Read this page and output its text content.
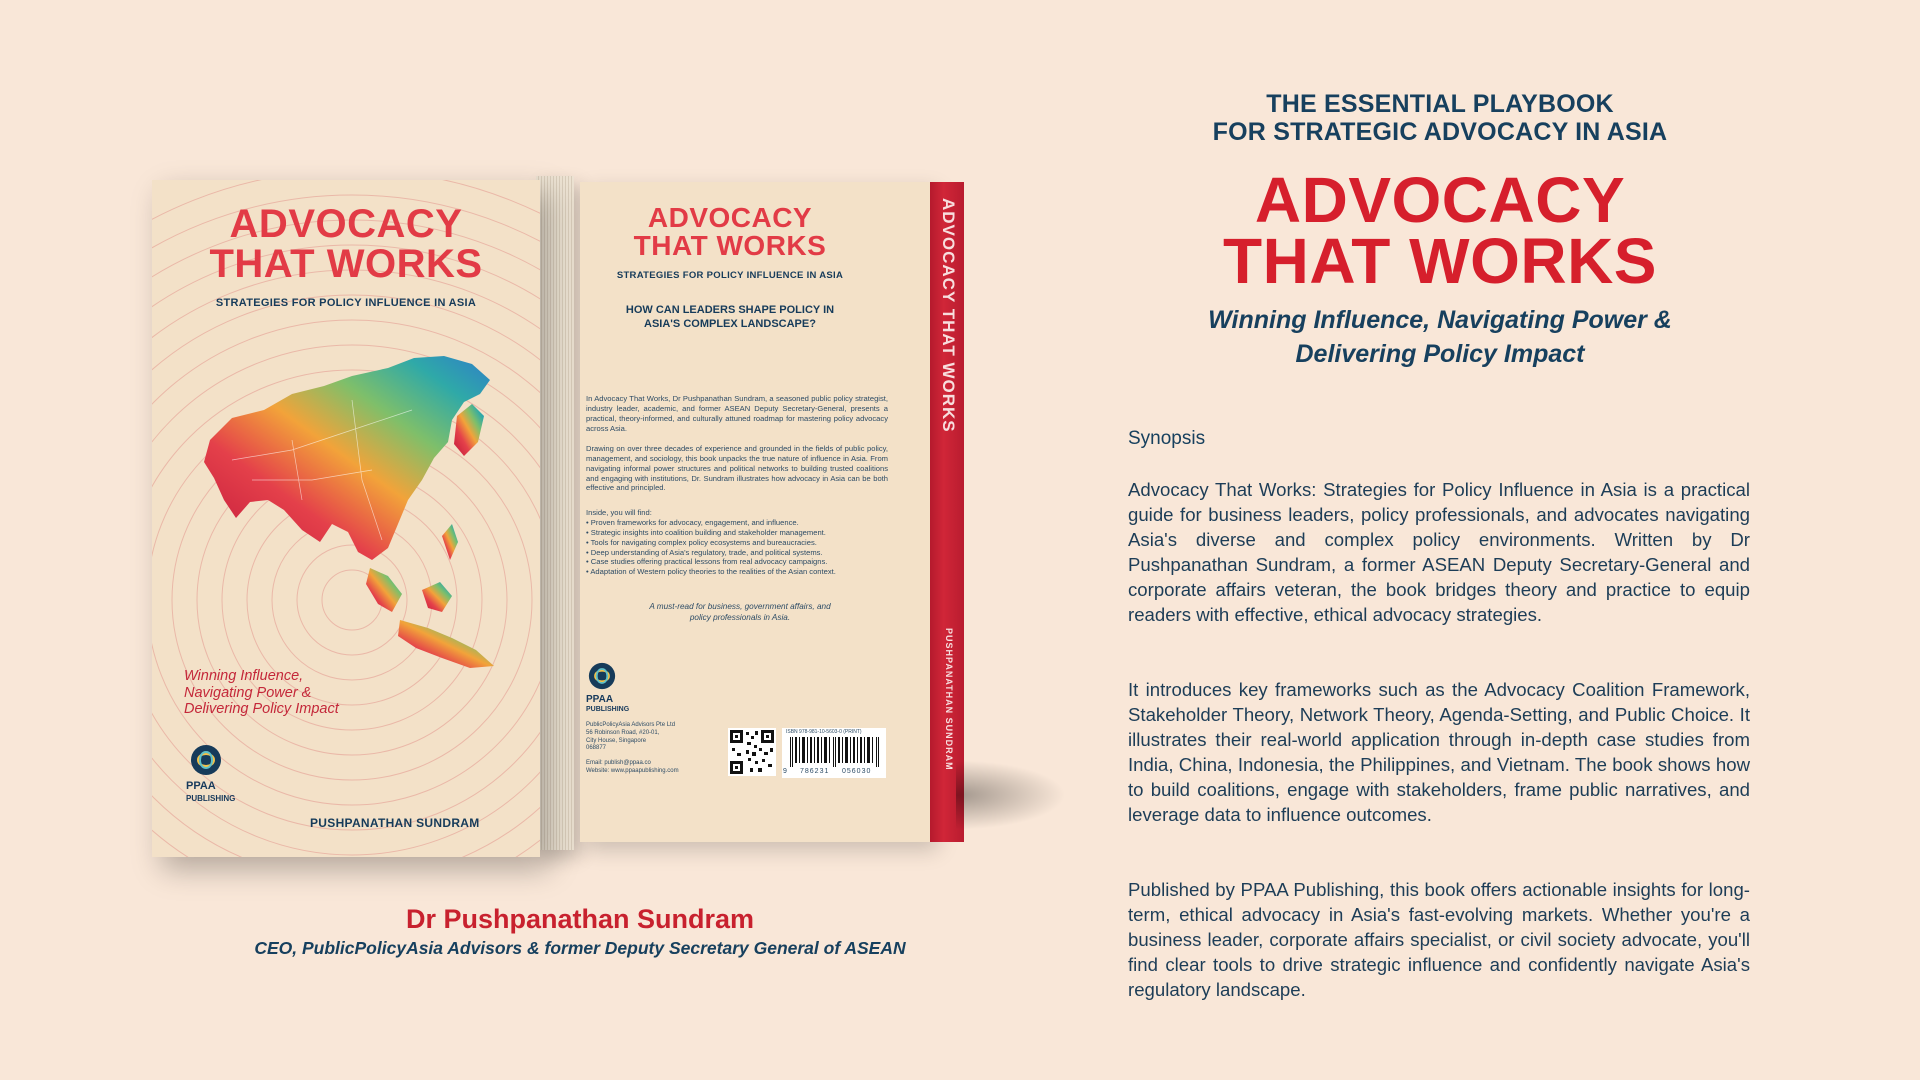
ADVOCACY
THAT WORKS
STRATEGIES FOR POLICY INFLUENCE IN ASIA
Winning Influence,
Navigating Power &
Delivering Policy Impact
PPAA
PUBLISHING
PUSHPANATHAN SUNDRAM
ADVOCACY
THAT WORKS
STRATEGIES FOR POLICY INFLUENCE IN ASIA
HOW CAN LEADERS SHAPE POLICY IN
ASIA'S COMPLEX LANDSCAPE?
In Advocacy That Works, Dr Pushpanathan Sundram, a seasoned public policy strategist, industry leader, academic, and former ASEAN Deputy Secretary-General, presents a practical, theory-informed, and culturally attuned roadmap for mastering policy advocacy across Asia.
Drawing on over three decades of experience and grounded in the fields of public policy, management, and sociology, this book unpacks the true nature of influence in Asia. From navigating informal power structures and political networks to building trusted coalitions and engaging with institutions, Dr. Sundram illustrates how advocacy in Asia can be both effective and principled.
Inside, you will find:
• Proven frameworks for advocacy, engagement, and influence.
• Strategic insights into coalition building and stakeholder management.
• Tools for navigating complex policy ecosystems and bureaucracies.
• Deep understanding of Asia's regulatory, trade, and political systems.
• Case studies offering practical lessons from real advocacy campaigns.
• Adaptation of Western policy theories to the realities of the Asian context.
A must-read for business, government affairs, and
policy professionals in Asia.
PPAA
PUBLISHING
PublicPolicyAsia Advisors Pte Ltd
56 Robinson Road, #20-01,
City House, Singapore
068877
Email: publish@ppaa.co
Website: www.ppaapublishing.com
ISBN 978-981-10-5603-0 (PRINT)
9 786231 056030
ADVOCACY THAT WORKS
PUSHPANATHAN SUNDRAM
Dr Pushpanathan Sundram
CEO, PublicPolicyAsia Advisors & former Deputy Secretary General of ASEAN
THE ESSENTIAL PLAYBOOK
FOR STRATEGIC ADVOCACY IN ASIA
ADVOCACY
THAT WORKS
Winning Influence, Navigating Power &
Delivering Policy Impact
Synopsis

Advocacy That Works: Strategies for Policy Influence in Asia is a practical guide for business leaders, policy professionals, and advocates navigating Asia's diverse and complex policy environments. Written by Dr Pushpanathan Sundram, a former ASEAN Deputy Secretary-General and corporate affairs veteran, the book bridges theory and practice to equip readers with effective, ethical advocacy strategies.

It introduces key frameworks such as the Advocacy Coalition Framework, Stakeholder Theory, Network Theory, Agenda-Setting, and Public Choice. It illustrates their real-world application through in-depth case studies from India, China, Indonesia, the Philippines, and Vietnam. The book shows how to build coalitions, engage with stakeholders, frame public narratives, and leverage data to influence outcomes.

Published by PPAA Publishing, this book offers actionable insights for long-term, ethical advocacy in Asia's fast-evolving markets. Whether you're a business leader, corporate affairs specialist, or civil society advocate, you'll find clear tools to drive strategic influence and confidently navigate Asia's regulatory landscape.
